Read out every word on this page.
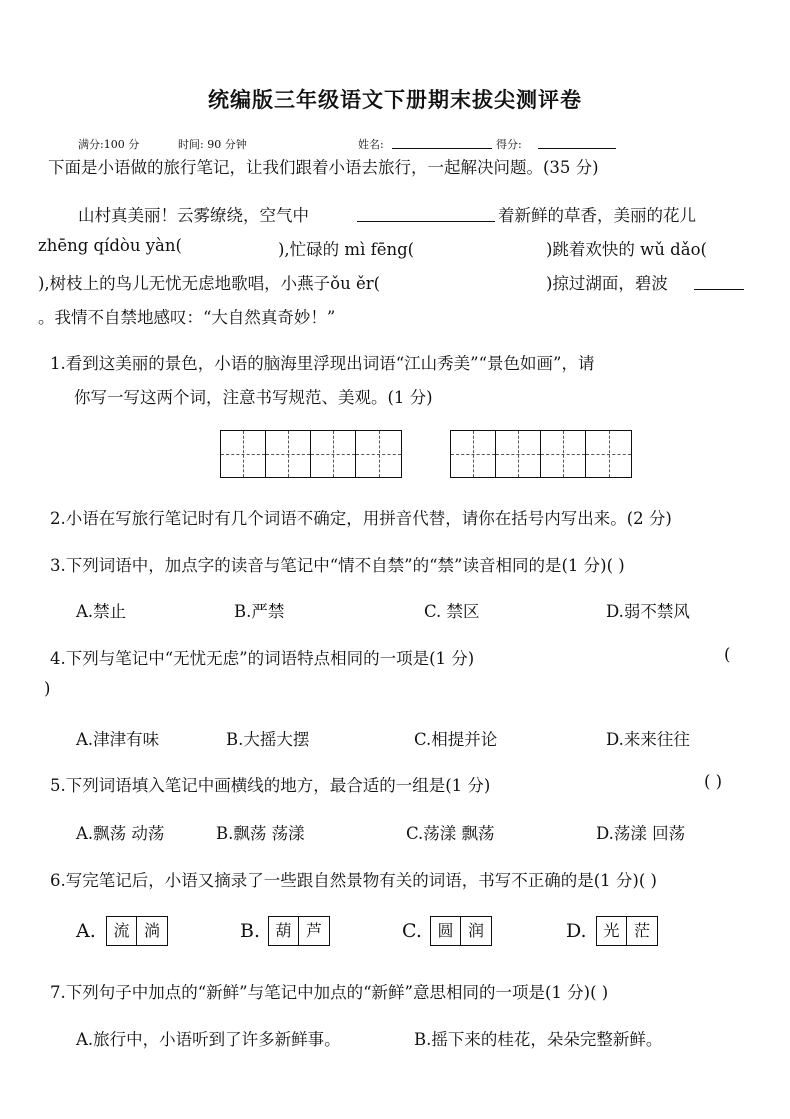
统编版三年级语文下册期末拔尖测评卷
满分:100 分	时间: 90 分钟	姓名:	得分:
下面是小语做的旅行笔记，让我们跟着小语去旅行，一起解决问题。(35 分)
山村真美丽！云雾缭绕，空气中	着新鲜的草香，美丽的花儿
zhēng qídòu yàn(	),忙碌的 mì fēng(	)跳着欢快的 wǔ dǎo(
),树枝上的鸟儿无忧无虑地歌唱，小燕子ǒu ěr(	)掠过湖面，碧波
。我情不自禁地感叹：“大自然真奇妙！”
1.看到这美丽的景色，小语的脑海里浮现出词语“江山秀美”“景色如画”，请
你写一写这两个词，注意书写规范、美观。(1 分)
2.小语在写旅行笔记时有几个词语不确定，用拼音代替，请你在括号内写出来。(2 分)
3.下列词语中，加点字的读音与笔记中“情不自禁”的“禁”读音相同的是(1 分)( )
A.禁止	B.严禁	C. 禁区	D.弱不禁风
4.下列与笔记中“无忧无虑”的词语特点相同的一项是(1 分)	(
)
A.津津有味	B.大摇大摆	C.相提并论	D.来来往往
5.下列词语填入笔记中画横线的地方，最合适的一组是(1 分)	( )
A.飘荡 动荡	B.飘荡 荡漾	C.荡漾 飘荡	D.荡漾 回荡
6.写完笔记后，小语又摘录了一些跟自然景物有关的词语，书写不正确的是(1 分)( )
A.	流 淌	B. 葫 芦	C. 圆 润	D.	光 茫
7.下列句子中加点的“新鲜”与笔记中加点的“新鲜”意思相同的一项是(1 分)( )
A.旅行中，小语听到了许多新鲜事。	B.摇下来的桂花，朵朵完整新鲜。
